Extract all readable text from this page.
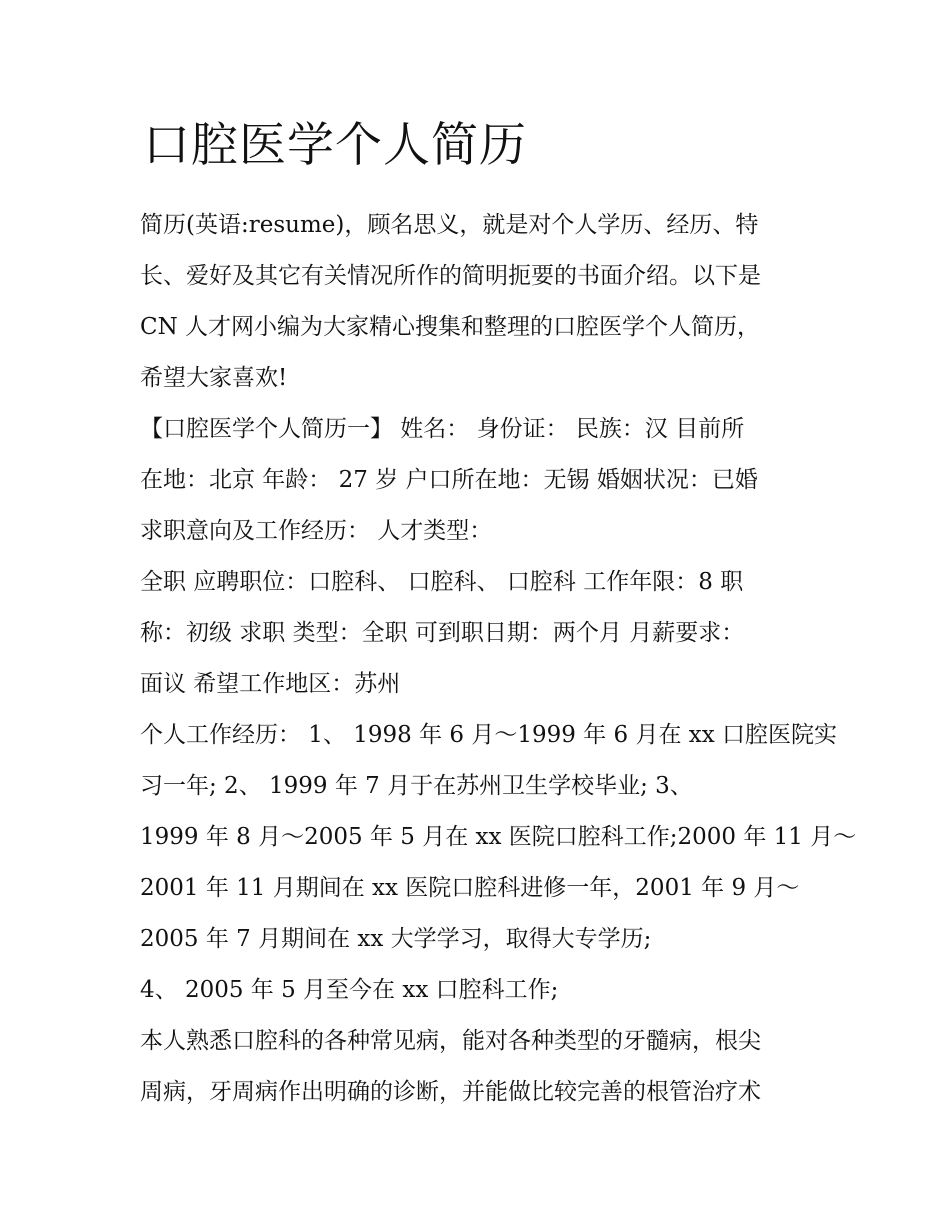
口腔医学个人简历
简历(英语:resume)，顾名思义，就是对个人学历、经历、特
长、爱好及其它有关情况所作的简明扼要的书面介绍。以下是
CN 人才网小编为大家精心搜集和整理的口腔医学个人简历，
希望大家喜欢!
【口腔医学个人简历一】 姓名： 身份证： 民族：汉 目前所
在地：北京 年龄： 27 岁 户口所在地：无锡 婚姻状况：已婚
求职意向及工作经历： 人才类型：
全职 应聘职位：口腔科、 口腔科、 口腔科 工作年限：8 职
称：初级 求职 类型：全职 可到职日期：两个月 月薪要求：
面议 希望工作地区：苏州
个人工作经历： 1、 1998 年 6 月～1999 年 6 月在 xx 口腔医院实
习一年; 2、 1999 年 7 月于在苏州卫生学校毕业; 3、
1999 年 8 月～2005 年 5 月在 xx 医院口腔科工作;2000 年 11 月～
2001 年 11 月期间在 xx 医院口腔科进修一年，2001 年 9 月～
2005 年 7 月期间在 xx 大学学习，取得大专学历;
4、 2005 年 5 月至今在 xx 口腔科工作;
本人熟悉口腔科的各种常见病，能对各种类型的牙髓病，根尖
周病，牙周病作出明确的诊断，并能做比较完善的根管治疗术
